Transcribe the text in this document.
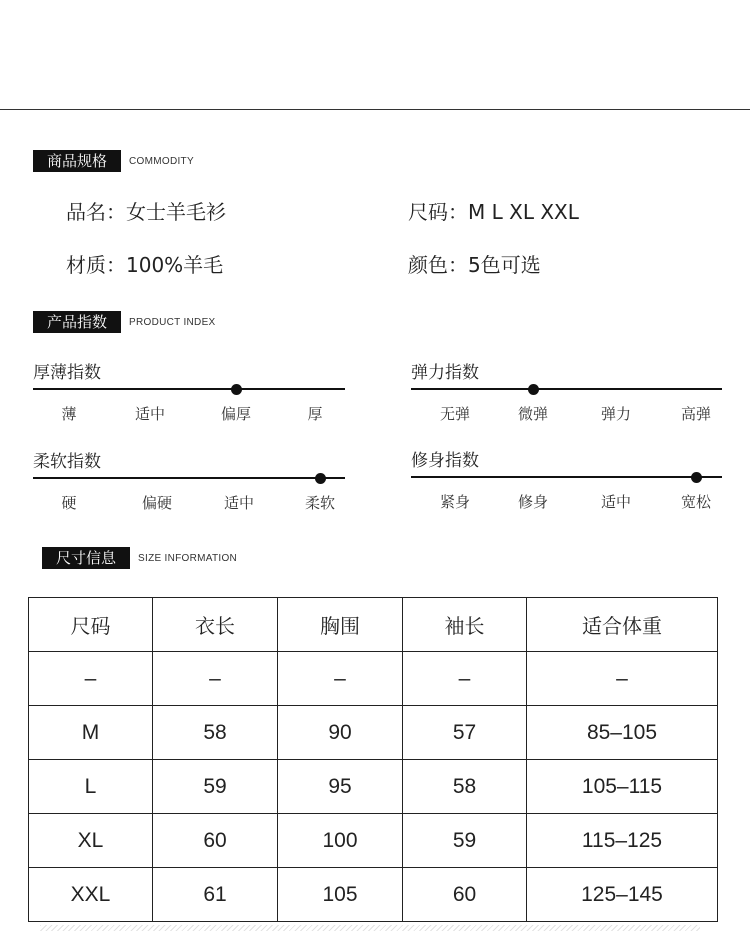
商品规格	COMMODITY
品名：女士羊毛衫	尺码：M L XL XXL
材质：100%羊毛	颜色：5色可选
产品指数	PRODUCT INDEX
厚薄指数
薄	适中	偏厚	厚
弹力指数
无弹	微弹	弹力	高弹
柔软指数
硬	偏硬	适中	柔软
修身指数
紧身	修身	适中	宽松
尺寸信息	SIZE INFORMATION
尺码	衣长	胸围	袖长	适合体重
–	–	–	–	–
M	58	90	57	85–105
L	59	95	58	105–115
XL	60	100	59	115–125
XXL	61	105	60	125–145
